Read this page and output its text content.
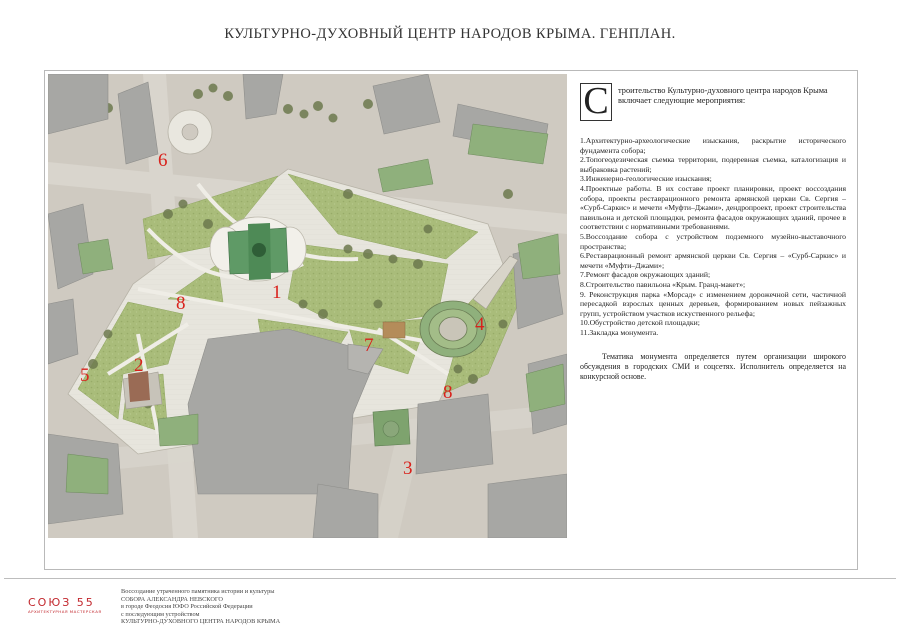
КУЛЬТУРНО-ДУХОВНЫЙ ЦЕНТР НАРОДОВ КРЫМА. ГЕНПЛАН.
1
2
3
4
5
6
7
8
8
С	троительство Культурно-духовного центра народов Крыма включает следующие мероприятия:

1.Архитектурно-археологические изыскания, раскрытие исторического фундамента собора;

2.Топогеодезическая съемка территории, подеревная съемка, каталогизация и выбраковка растений;

3.Инженерно-геологические изыскания;

4.Проектные работы. В их составе проект планировки, проект воссоздания собора, проекты реставрационного ремонта армянской церкви Св. Сергия – «Сурб-Саркис» и мечети «Муфти–Джами», дендропроект, проект строительства павильона и детской площадки, ремонта фасадов окружающих зданий, прочее в соответствии с нормативными требованиями.

5.Воссоздание собора с устройством подземного музейно-выставочного пространства;

6.Реставрационный ремонт армянской церкви Св. Сергия – «Сурб-Саркис» и мечети «Муфти–Джами»;

7.Ремонт фасадов окружающих зданий;

8.Строительство павильона «Крым. Гранд-макет»;

9. Реконструкция парка «Морсад» с изменением дорожечной сети, частичной пересадкой взрослых ценных деревьев, формированием новых пейзажных групп, устройством участков искуственного рельефа;

10.Обустройство детской площадки;

11.Закладка монумента.

Тематика монумента определяется путем организации широкого обсуждения в городских СМИ и соцсетях. Исполнитель определяется на конкурсной основе.

СОЮЗ 55
АРХИТЕКТУРНАЯ МАСТЕРСКАЯ
Воссоздание утраченного памятника истории и культуры
СОБОРА АЛЕКСАНДРА НЕВСКОГО
в городе Феодосия ЮФО Российской Федерации
с последующим устройством
КУЛЬТУРНО-ДУХОВНОГО ЦЕНТРА НАРОДОВ КРЫМА
